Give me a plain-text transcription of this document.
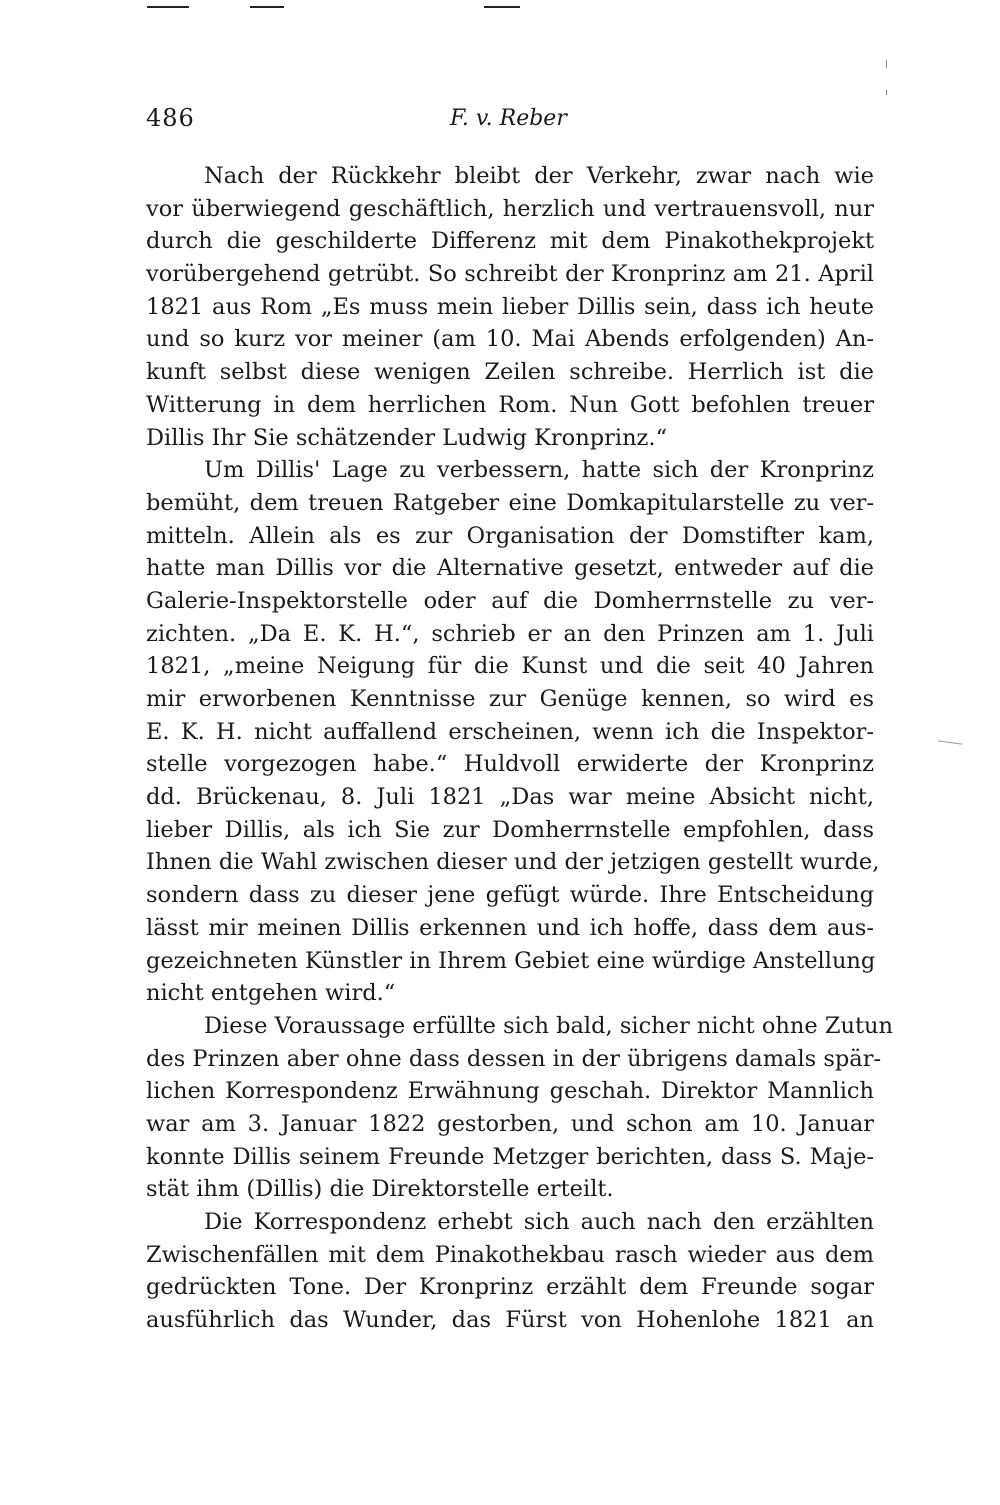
486	F. v. Reber
Nach der Rückkehr bleibt der Verkehr, zwar nach wie
vor überwiegend geschäftlich, herzlich und vertrauensvoll, nur
durch die geschilderte Differenz mit dem Pinakothekprojekt
vorübergehend getrübt. So schreibt der Kronprinz am 21. April
1821 aus Rom „Es muss mein lieber Dillis sein, dass ich heute
und so kurz vor meiner (am 10. Mai Abends erfolgenden) An-
kunft selbst diese wenigen Zeilen schreibe. Herrlich ist die
Witterung in dem herrlichen Rom. Nun Gott befohlen treuer
Dillis Ihr Sie schätzender Ludwig Kronprinz.“
Um Dillis' Lage zu verbessern, hatte sich der Kronprinz
bemüht, dem treuen Ratgeber eine Domkapitularstelle zu ver-
mitteln. Allein als es zur Organisation der Domstifter kam,
hatte man Dillis vor die Alternative gesetzt, entweder auf die
Galerie-Inspektorstelle oder auf die Domherrnstelle zu ver-
zichten. „Da E. K. H.“, schrieb er an den Prinzen am 1. Juli
1821, „meine Neigung für die Kunst und die seit 40 Jahren
mir erworbenen Kenntnisse zur Genüge kennen, so wird es
E. K. H. nicht auffallend erscheinen, wenn ich die Inspektor-
stelle vorgezogen habe.“ Huldvoll erwiderte der Kronprinz
dd. Brückenau, 8. Juli 1821 „Das war meine Absicht nicht,
lieber Dillis, als ich Sie zur Domherrnstelle empfohlen, dass
Ihnen die Wahl zwischen dieser und der jetzigen gestellt wurde,
sondern dass zu dieser jene gefügt würde. Ihre Entscheidung
lässt mir meinen Dillis erkennen und ich hoffe, dass dem aus-
gezeichneten Künstler in Ihrem Gebiet eine würdige Anstellung
nicht entgehen wird.“
Diese Voraussage erfüllte sich bald, sicher nicht ohne Zutun
des Prinzen aber ohne dass dessen in der übrigens damals spär-
lichen Korrespondenz Erwähnung geschah. Direktor Mannlich
war am 3. Januar 1822 gestorben, und schon am 10. Januar
konnte Dillis seinem Freunde Metzger berichten, dass S. Maje-
stät ihm (Dillis) die Direktorstelle erteilt.
Die Korrespondenz erhebt sich auch nach den erzählten
Zwischenfällen mit dem Pinakothekbau rasch wieder aus dem
gedrückten Tone. Der Kronprinz erzählt dem Freunde sogar
ausführlich das Wunder, das Fürst von Hohenlohe 1821 an
